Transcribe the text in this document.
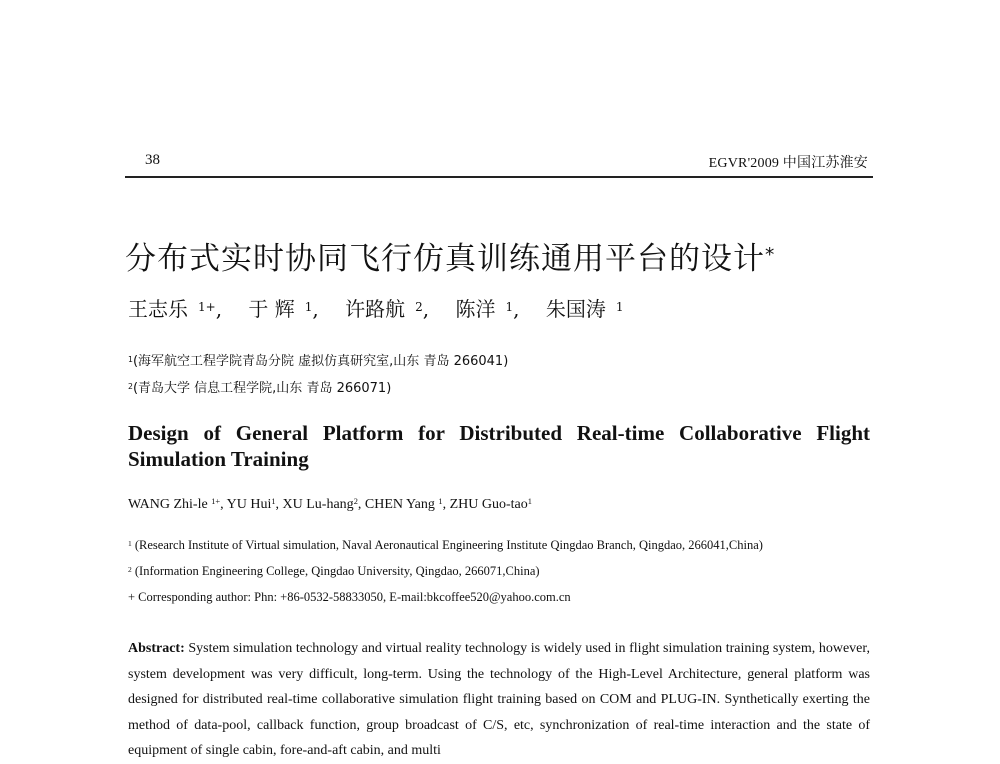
38	EGVR'2009 中国江苏淮安
分布式实时协同飞行仿真训练通用平台的设计*
王志乐 $^{1+}$, 于 辉 $^1$, 许路航 $^2$, 陈洋 $^1$, 朱国涛 $^1$
$^1$(海军航空工程学院青岛分院 虚拟仿真研究室,山东 青岛 266041)
$^2$(青岛大学 信息工程学院,山东 青岛 266071)
Design of General Platform for Distributed Real-time Collaborative Flight Simulation Training
WANG Zhi-le $^{1+}$, YU Hui$^1$, XU Lu-hang$^2$, CHEN Yang $^1$, ZHU Guo-tao$^1$
$^1$ (Research Institute of Virtual simulation, Naval Aeronautical Engineering Institute Qingdao Branch, Qingdao, 266041,China)
$^2$ (Information Engineering College, Qingdao University, Qingdao, 266071,China)
+ Corresponding author: Phn: +86-0532-58833050, E-mail:bkcoffee520@yahoo.com.cn
Abstract: System simulation technology and virtual reality technology is widely used in flight simulation training system, however, system development was very difficult, long-term. Using the technology of the High-Level Architecture, general platform was designed for distributed real-time collaborative simulation flight training based on COM and PLUG-IN. Synthetically exerting the method of data-pool, callback function, group broadcast of C/S, etc, synchronization of real-time interaction and the state of equipment of single cabin, fore-and-aft cabin, and multi
